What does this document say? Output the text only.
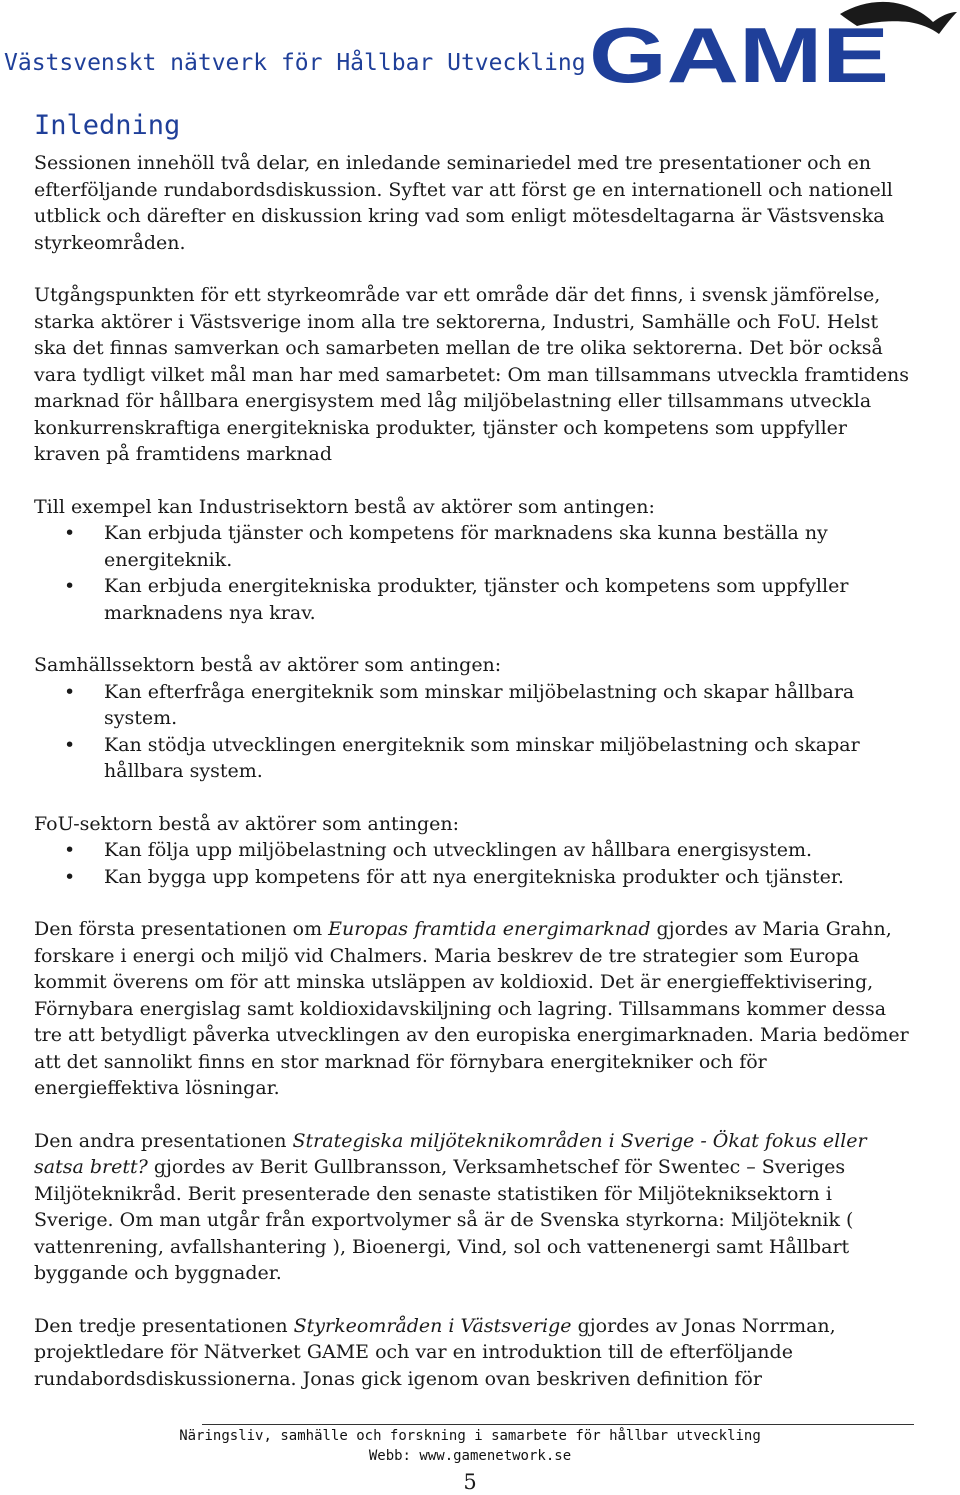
Västsvenskt nätverk för Hållbar Utveckling GAME
Inledning

Sessionen innehöll två delar, en inledande seminariedel med tre presentationer och en efterföljande rundabordsdiskussion. Syftet var att först ge en internationell och nationell utblick och därefter en diskussion kring vad som enligt mötesdeltagarna är Västsvenska styrkeområden.

Utgångspunkten för ett styrkeområde var ett område där det finns, i svensk jämförelse, starka aktörer i Västsverige inom alla tre sektorerna, Industri, Samhälle och FoU. Helst ska det finnas samverkan och samarbeten mellan de tre olika sektorerna. Det bör också vara tydligt vilket mål man har med samarbetet: Om man tillsammans utveckla framtidens marknad för hållbara energisystem med låg miljöbelastning eller tillsammans utveckla konkurrenskraftiga energitekniska produkter, tjänster och kompetens som uppfyller kraven på framtidens marknad

Till exempel kan Industrisektorn bestå av aktörer som antingen:

• Kan erbjuda tjänster och kompetens för marknadens ska kunna beställa ny energiteknik.
• Kan erbjuda energitekniska produkter, tjänster och kompetens som uppfyller marknadens nya krav.

Samhällssektorn bestå av aktörer som antingen:

• Kan efterfråga energiteknik som minskar miljöbelastning och skapar hållbara system.
• Kan stödja utvecklingen energiteknik som minskar miljöbelastning och skapar hållbara system.

FoU-sektorn bestå av aktörer som antingen:

• Kan följa upp miljöbelastning och utvecklingen av hållbara energisystem.
• Kan bygga upp kompetens för att nya energitekniska produkter och tjänster.

Den första presentationen om Europas framtida energimarknad gjordes av Maria Grahn, forskare i energi och miljö vid Chalmers. Maria beskrev de tre strategier som Europa kommit överens om för att minska utsläppen av koldioxid. Det är energieffektivisering, Förnybara energislag samt koldioxidavskiljning och lagring. Tillsammans kommer dessa tre att betydligt påverka utvecklingen av den europiska energimarknaden. Maria bedömer att det sannolikt finns en stor marknad för förnybara energitekniker och för energieffektiva lösningar.

Den andra presentationen Strategiska miljöteknikområden i Sverige - Ökat fokus eller satsa brett? gjordes av Berit Gullbransson, Verksamhetschef för Swentec – Sveriges Miljöteknikråd. Berit presenterade den senaste statistiken för Miljötekniksektorn i Sverige. Om man utgår från exportvolymer så är de Svenska styrkorna: Miljöteknik ( vattenrening, avfallshantering ), Bioenergi, Vind, sol och vattenenergi samt Hållbart byggande och byggnader.

Den tredje presentationen Styrkeområden i Västsverige gjordes av Jonas Norrman, projektledare för Nätverket GAME och var en introduktion till de efterföljande rundabordsdiskussionerna. Jonas gick igenom ovan beskriven definition för

Näringsliv, samhälle och forskning i samarbete för hållbar utveckling
Webb: www.gamenetwork.se
5
